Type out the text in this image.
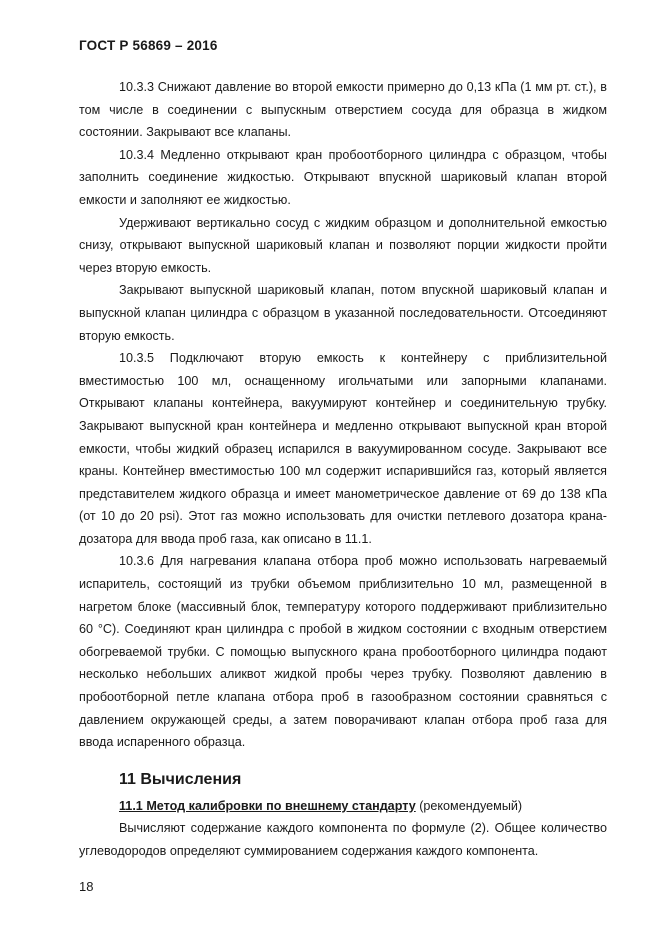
ГОСТ Р 56869 – 2016

10.3.3 Снижают давление во второй емкости примерно до 0,13 кПа (1 мм рт. ст.), в том числе в соединении с выпускным отверстием сосуда для образца в жидком состоянии. Закрывают все клапаны.

10.3.4 Медленно открывают кран пробоотборного цилиндра с образцом, чтобы заполнить соединение жидкостью. Открывают впускной шариковый клапан второй емкости и заполняют ее жидкостью.

Удерживают вертикально сосуд с жидким образцом и дополнительной емкостью снизу, открывают выпускной шариковый клапан и позволяют порции жидкости пройти через вторую емкость.

Закрывают выпускной шариковый клапан, потом впускной шариковый клапан и выпускной клапан цилиндра с образцом в указанной последовательности. Отсоединяют вторую емкость.

10.3.5 Подключают вторую емкость к контейнеру с приблизительной вместимостью 100 мл, оснащенному игольчатыми или запорными клапанами. Открывают клапаны контейнера, вакуумируют контейнер и соединительную трубку. Закрывают выпускной кран контейнера и медленно открывают выпускной кран второй емкости, чтобы жидкий образец испарился в вакуумированном сосуде. Закрывают все краны. Контейнер вместимостью 100 мл содержит испарившийся газ, который является представителем жидкого образца и имеет манометрическое давление от 69 до 138 кПа (от 10 до 20 psi). Этот газ можно использовать для очистки петлевого дозатора крана-дозатора для ввода проб газа, как описано в 11.1.

10.3.6 Для нагревания клапана отбора проб можно использовать нагреваемый испаритель, состоящий из трубки объемом приблизительно 10 мл, размещенной в нагретом блоке (массивный блок, температуру которого поддерживают приблизительно 60 °С). Соединяют кран цилиндра с пробой в жидком состоянии с входным отверстием обогреваемой трубки. С помощью выпускного крана пробоотборного цилиндра подают несколько небольших аликвот жидкой пробы через трубку. Позволяют давлению в пробоотборной петле клапана отбора проб в газообразном состоянии сравняться с давлением окружающей среды, а затем поворачивают клапан отбора проб газа для ввода испаренного образца.

11 Вычисления
11.1 Метод калибровки по внешнему стандарту (рекомендуемый)

Вычисляют содержание каждого компонента по формуле (2). Общее количество углеводородов определяют суммированием содержания каждого компонента.

18
